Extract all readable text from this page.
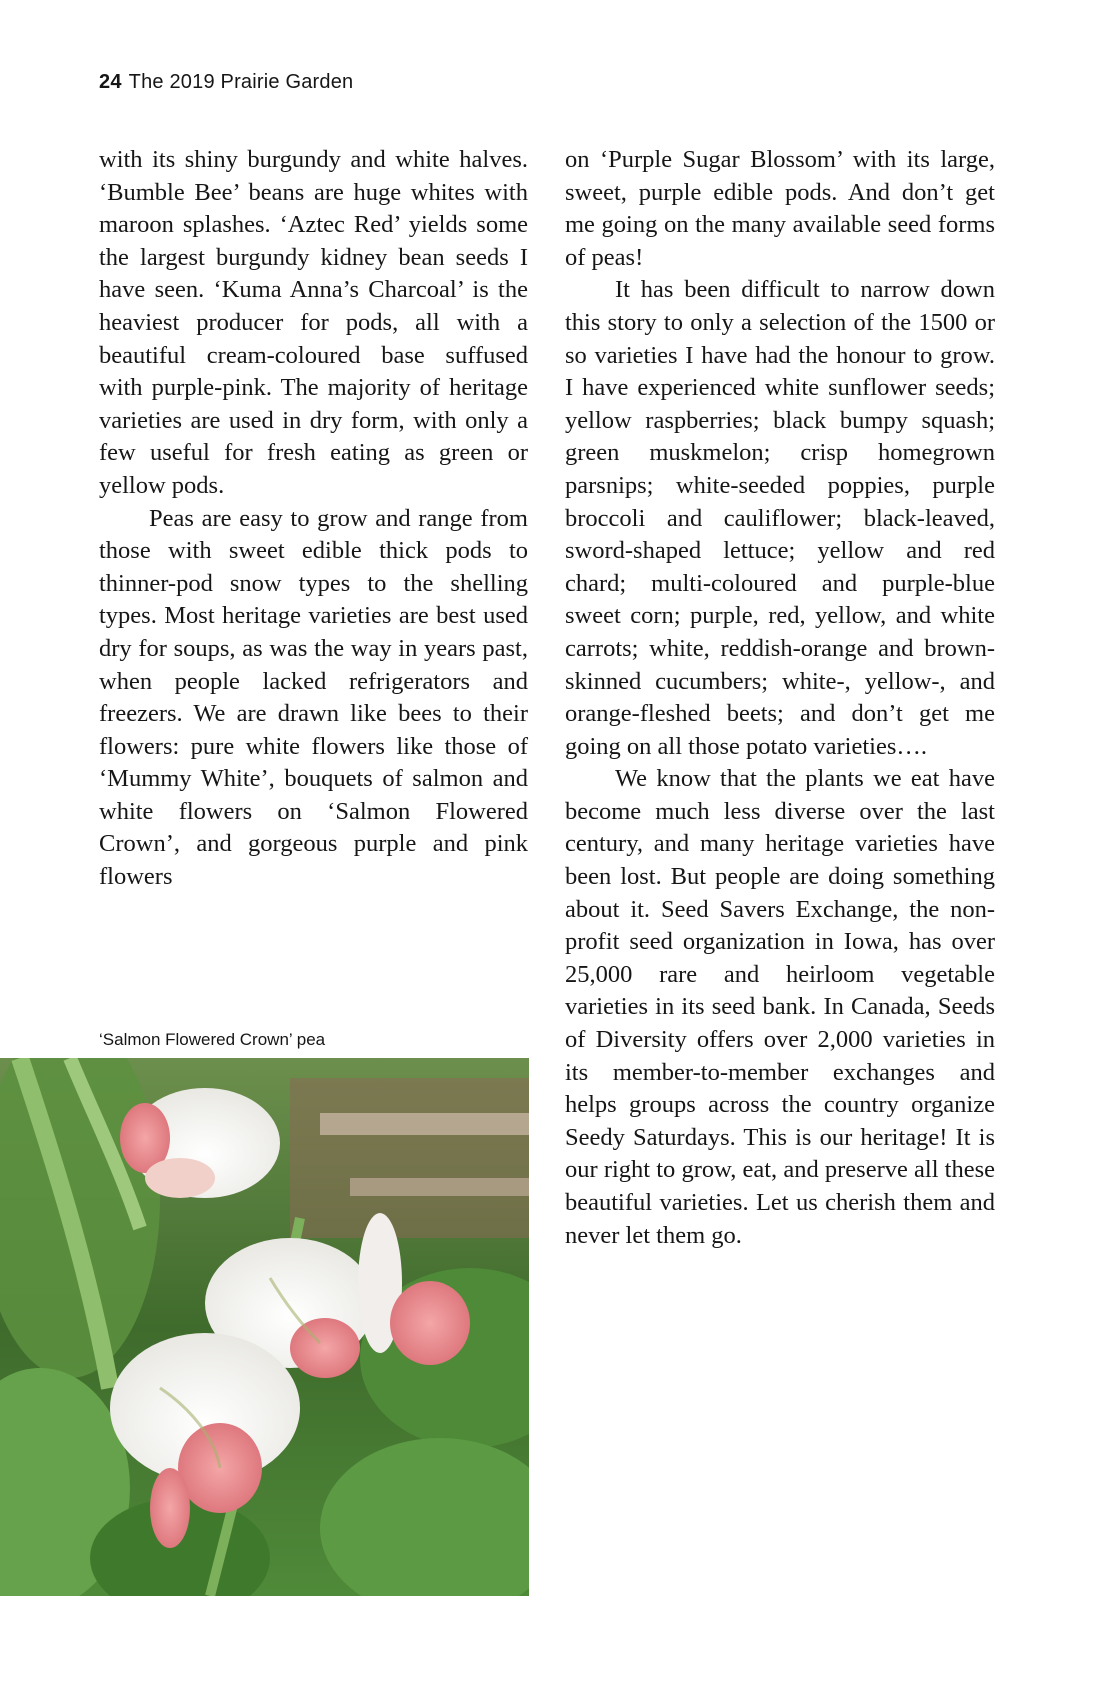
24 The 2019 Prairie Garden

with its shiny burgundy and white halves. ‘Bumble Bee’ beans are huge whites with maroon splashes. ‘Aztec Red’ yields some the largest burgundy kidney bean seeds I have seen. ‘Kuma Anna’s Charcoal’ is the heaviest producer for pods, all with a beautiful cream-coloured base suffused with purple-pink. The majority of heritage varieties are used in dry form, with only a few useful for fresh eating as green or yellow pods.

Peas are easy to grow and range from those with sweet edible thick pods to thinner-pod snow types to the shelling types. Most heritage varieties are best used dry for soups, as was the way in years past, when people lacked refrigerators and freezers. We are drawn like bees to their flowers: pure white flowers like those of ‘Mummy White’, bouquets of salmon and white flowers on ‘Salmon Flowered Crown’, and gorgeous purple and pink flowers

on ‘Purple Sugar Blossom’ with its large, sweet, purple edible pods. And don’t get me going on the many available seed forms of peas!

It has been difficult to narrow down this story to only a selection of the 1500 or so varieties I have had the honour to grow. I have experienced white sunflower seeds; yellow raspberries; black bumpy squash; green muskmelon; crisp homegrown parsnips; white-seeded poppies, purple broccoli and cauliflower; black-leaved, sword-shaped lettuce; yellow and red chard; multi-coloured and purple-blue sweet corn; purple, red, yellow, and white carrots; white, reddish-orange and brown-skinned cucumbers; white-, yellow-, and orange-fleshed beets; and don’t get me going on all those potato varieties….

We know that the plants we eat have become much less diverse over the last century, and many heritage varieties have been lost. But people are doing something about it. Seed Savers Exchange, the non-profit seed organization in Iowa, has over 25,000 rare and heirloom vegetable varieties in its seed bank. In Canada, Seeds of Diversity offers over 2,000 varieties in its member-to-member exchanges and helps groups across the country organize Seedy Saturdays. This is our heritage! It is our right to grow, eat, and preserve all these beautiful varieties. Let us cherish them and never let them go.

‘Salmon Flowered Crown’ pea
